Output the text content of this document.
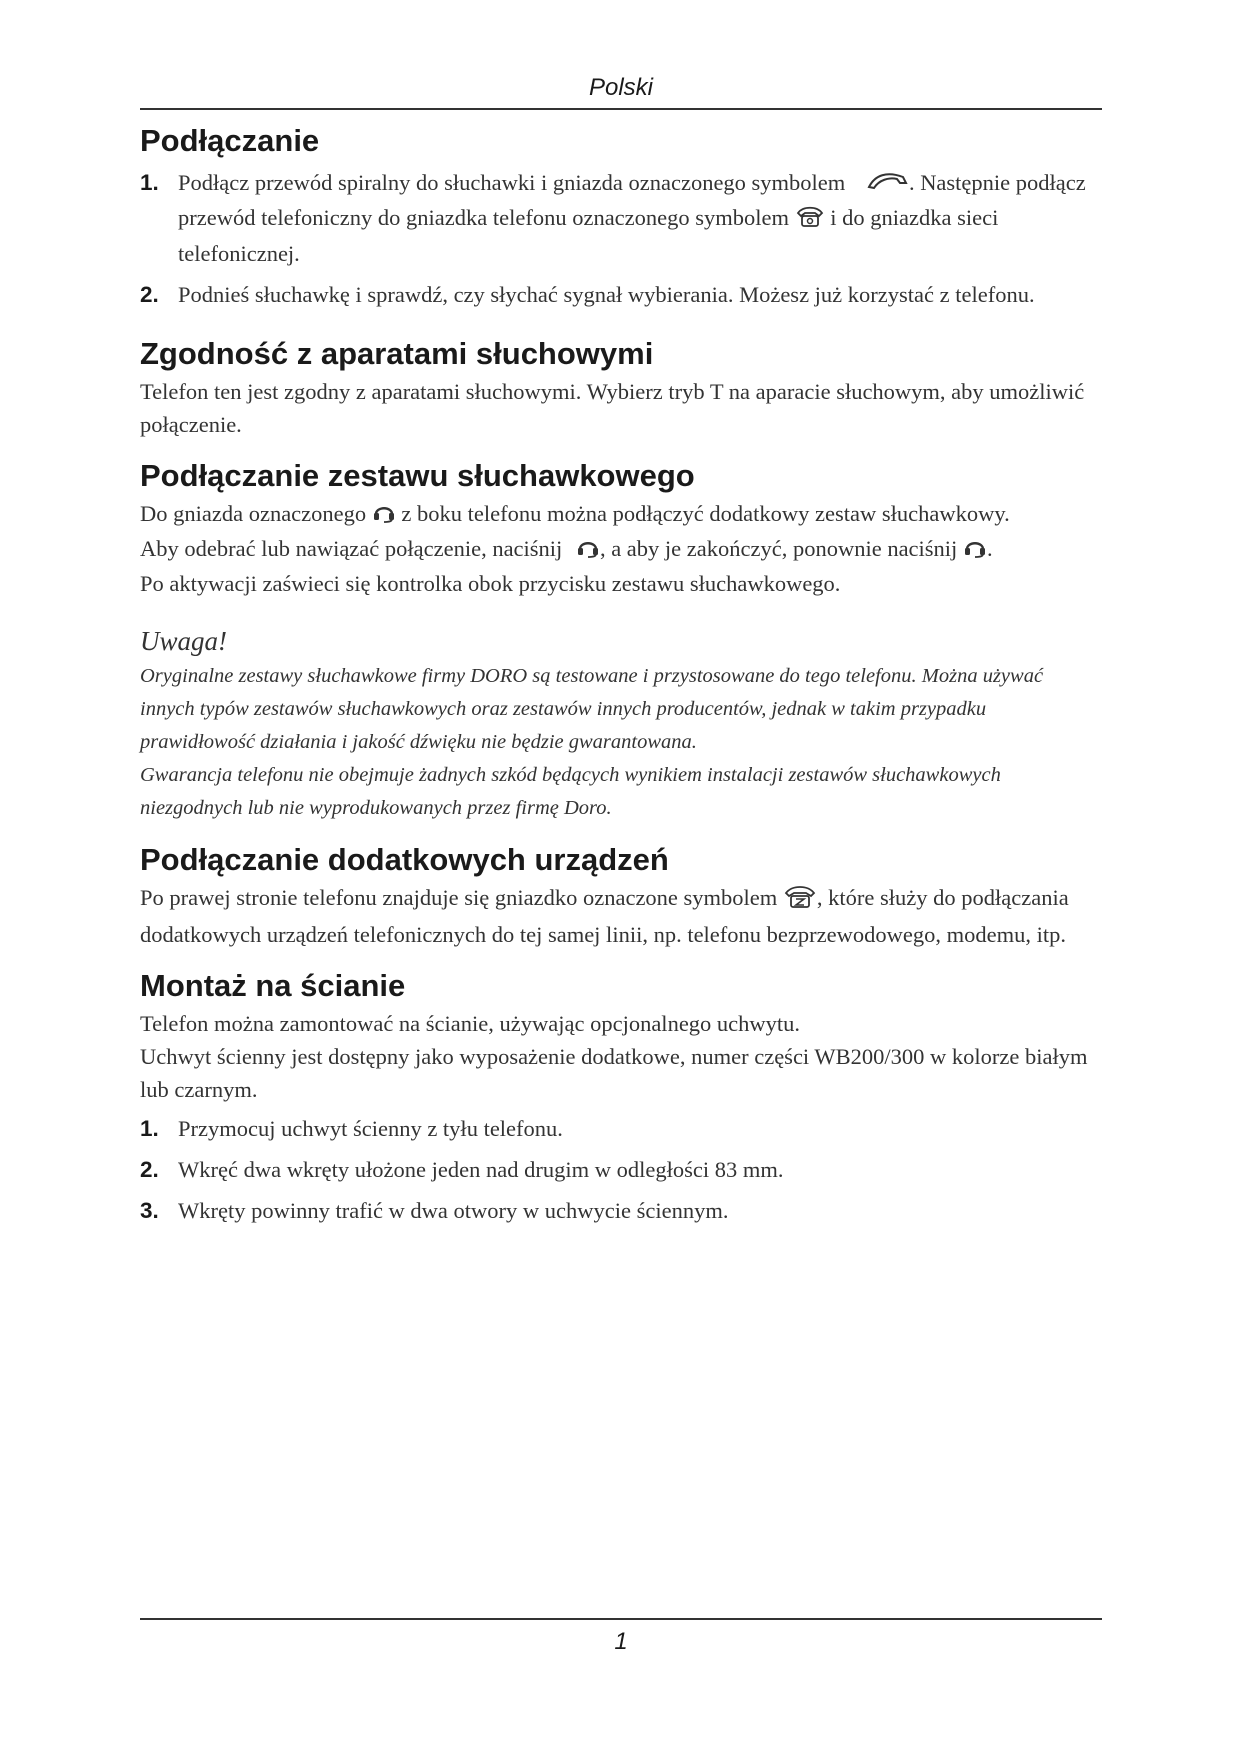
Polski
Podłączanie
1. Podłącz przewód spiralny do słuchawki i gniazda oznaczonego symbolem	. Następnie podłącz przewód telefoniczny do gniazdka telefonu oznaczonego symbolem i do gniazdka sieci telefonicznej.
2. Podnieś słuchawkę i sprawdź, czy słychać sygnał wybierania. Możesz już korzystać z telefonu.
Zgodność z aparatami słuchowymi

Telefon ten jest zgodny z aparatami słuchowymi. Wybierz tryb T na aparacie słuchowym, aby umożliwić połączenie.

Podłączanie zestawu słuchawkowego

Do gniazda oznaczonego z boku telefonu można podłączyć dodatkowy zestaw słuchawkowy.

Aby odebrać lub nawiązać połączenie, naciśnij , a aby je zakończyć, ponownie naciśnij .

Po aktywacji zaświeci się kontrolka obok przycisku zestawu słuchawkowego.

Uwaga!

Oryginalne zestawy słuchawkowe firmy DORO są testowane i przystosowane do tego telefonu. Można używać innych typów zestawów słuchawkowych oraz zestawów innych producentów, jednak w takim przypadku prawidłowość działania i jakość dźwięku nie będzie gwarantowana.

Gwarancja telefonu nie obejmuje żadnych szkód będących wynikiem instalacji zestawów słuchawkowych niezgodnych lub nie wyprodukowanych przez firmę Doro.

Podłączanie dodatkowych urządzeń

Po prawej stronie telefonu znajduje się gniazdko oznaczone symbolem , które służy do podłączania dodatkowych urządzeń telefonicznych do tej samej linii, np. telefonu bezprzewodowego, modemu, itp.

Montaż na ścianie

Telefon można zamontować na ścianie, używając opcjonalnego uchwytu.

Uchwyt ścienny jest dostępny jako wyposażenie dodatkowe, numer części WB200/300 w kolorze białym lub czarnym.

1. Przymocuj uchwyt ścienny z tyłu telefonu.
2. Wkręć dwa wkręty ułożone jeden nad drugim w odległości 83 mm.
3. Wkręty powinny trafić w dwa otwory w uchwycie ściennym.
1
